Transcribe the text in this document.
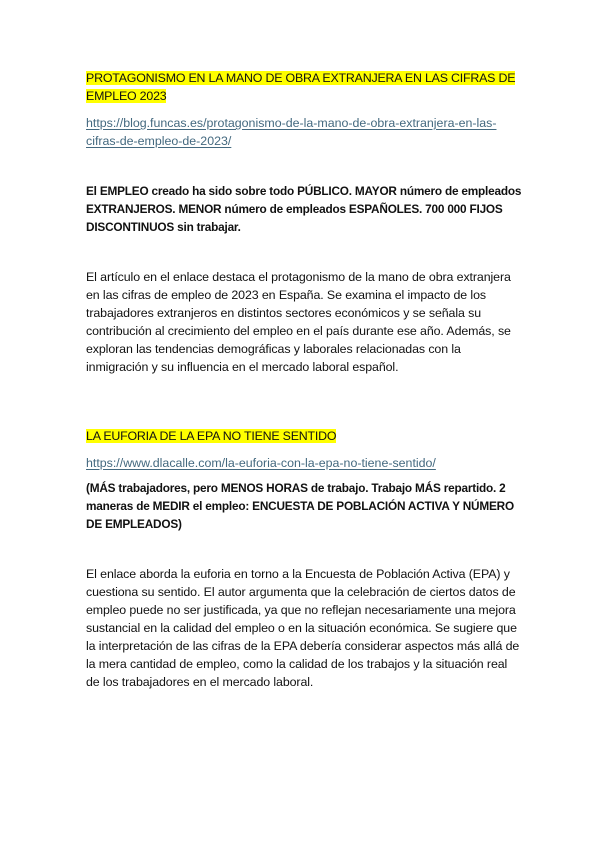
PROTAGONISMO EN LA MANO DE OBRA EXTRANJERA EN LAS CIFRAS DE EMPLEO 2023
https://blog.funcas.es/protagonismo-de-la-mano-de-obra-extranjera-en-las-cifras-de-empleo-de-2023/
El EMPLEO creado ha sido sobre todo PÚBLICO. MAYOR número de empleados EXTRANJEROS. MENOR número de empleados ESPAÑOLES. 700 000 FIJOS DISCONTINUOS sin trabajar.
El artículo en el enlace destaca el protagonismo de la mano de obra extranjera en las cifras de empleo de 2023 en España. Se examina el impacto de los trabajadores extranjeros en distintos sectores económicos y se señala su contribución al crecimiento del empleo en el país durante ese año. Además, se exploran las tendencias demográficas y laborales relacionadas con la inmigración y su influencia en el mercado laboral español.
LA EUFORIA DE LA EPA NO TIENE SENTIDO
https://www.dlacalle.com/la-euforia-con-la-epa-no-tiene-sentido/
(MÁS trabajadores, pero MENOS HORAS de trabajo. Trabajo MÁS repartido. 2 maneras de MEDIR el empleo: ENCUESTA DE POBLACIÓN ACTIVA Y NÚMERO DE EMPLEADOS)
El enlace aborda la euforia en torno a la Encuesta de Población Activa (EPA) y cuestiona su sentido. El autor argumenta que la celebración de ciertos datos de empleo puede no ser justificada, ya que no reflejan necesariamente una mejora sustancial en la calidad del empleo o en la situación económica. Se sugiere que la interpretación de las cifras de la EPA debería considerar aspectos más allá de la mera cantidad de empleo, como la calidad de los trabajos y la situación real de los trabajadores en el mercado laboral.
